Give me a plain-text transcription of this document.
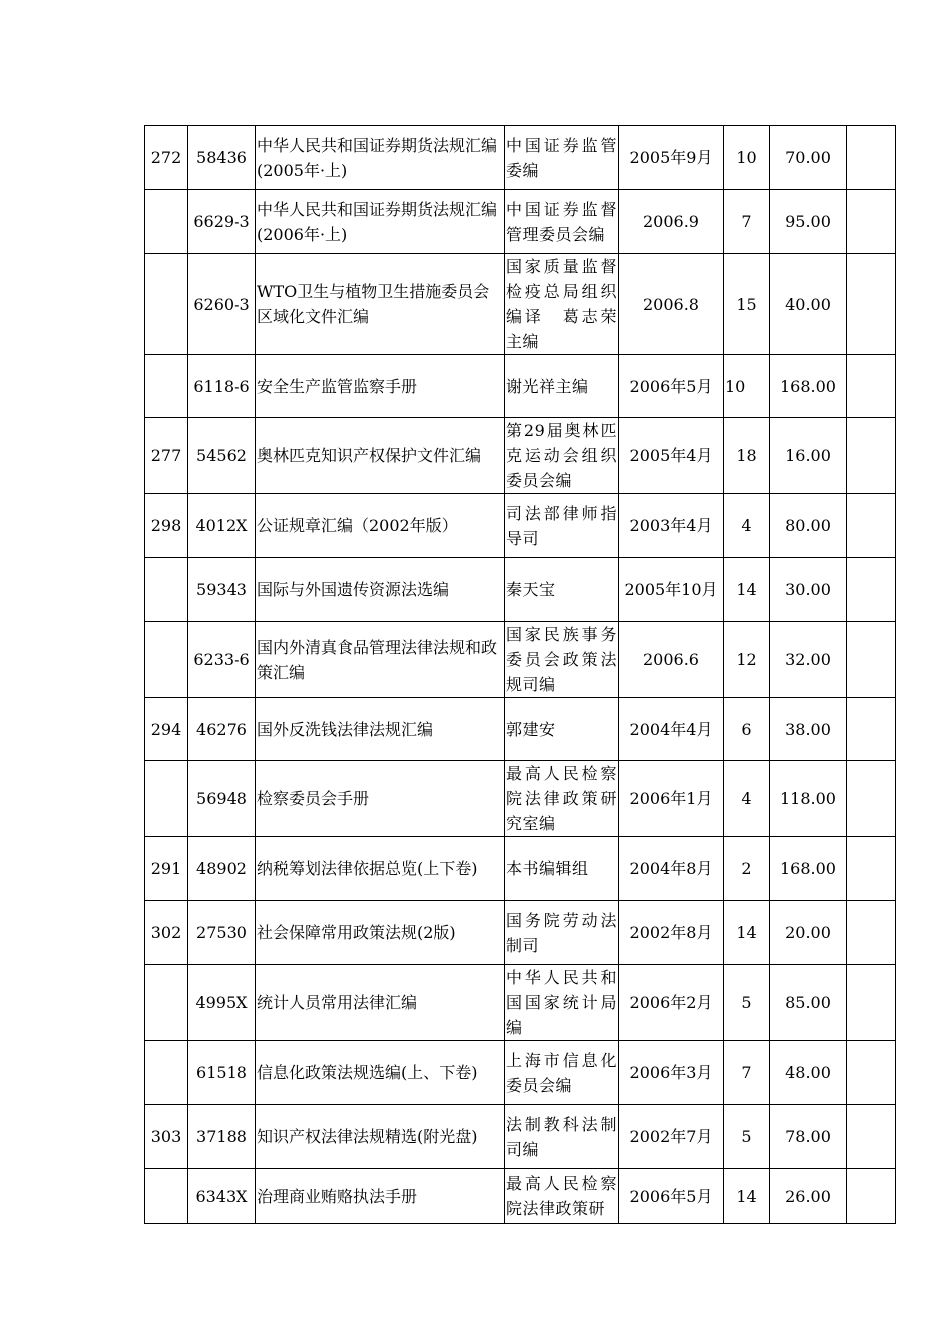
272	58436	中华人民共和国证券期货法规汇编(2005年·上)	中国证券监管委编	2005年9月	10	70.00	
	6629-3	中华人民共和国证券期货法规汇编(2006年·上)	中国证券监督管理委员会编	2006.9	7	95.00	
	6260-3	WTO卫生与植物卫生措施委员会区域化文件汇编	国家质量监督检疫总局组织编译　葛志荣主编	2006.8	15	40.00	
	6118-6	安全生产监管监察手册	谢光祥主编	2006年5月	10	168.00	
277	54562	奥林匹克知识产权保护文件汇编	第29届奥林匹克运动会组织委员会编	2005年4月	18	16.00	
298	4012X	公证规章汇编（2002年版）	司法部律师指导司	2003年4月	4	80.00	
	59343	国际与外国遗传资源法选编	秦天宝	2005年10月	14	30.00	
	6233-6	国内外清真食品管理法律法规和政策汇编	国家民族事务委员会政策法规司编	2006.6	12	32.00	
294	46276	国外反洗钱法律法规汇编	郭建安	2004年4月	6	38.00	
	56948	检察委员会手册	最高人民检察院法律政策研究室编	2006年1月	4	118.00	
291	48902	纳税筹划法律依据总览(上下卷)	本书编辑组	2004年8月	2	168.00	
302	27530	社会保障常用政策法规(2版)	国务院劳动法制司	2002年8月	14	20.00	
	4995X	统计人员常用法律汇编	中华人民共和国国家统计局编	2006年2月	5	85.00	
	61518	信息化政策法规选编(上、下卷)	上海市信息化委员会编	2006年3月	7	48.00	
303	37188	知识产权法律法规精选(附光盘)	法制教科法制司编	2002年7月	5	78.00	
	6343X	治理商业贿赂执法手册	最高人民检察院法律政策研	2006年5月	14	26.00	
